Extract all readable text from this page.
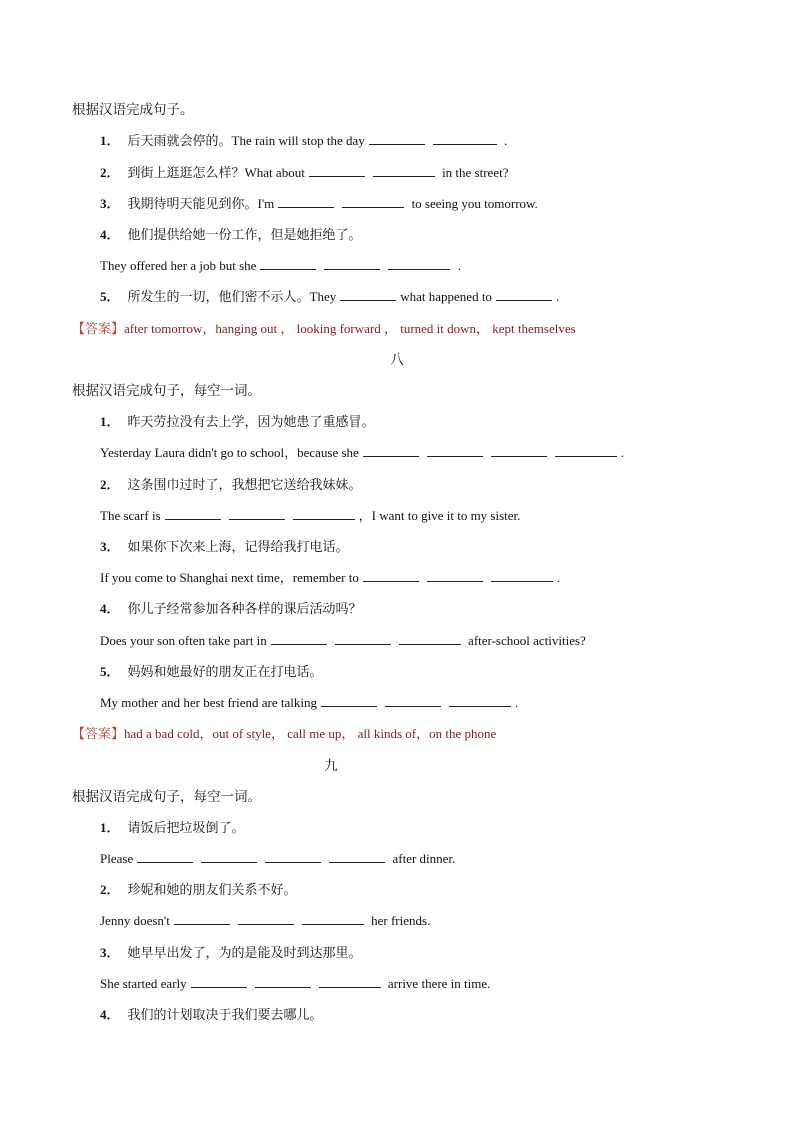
根据汉语完成句子。
1． 后天雨就会停的。The rain will stop the day	.
2． 到街上逛逛怎么样？What about	in the street?
3． 我期待明天能见到你。I'm	to seeing you tomorrow.
4． 他们提供给她一份工作，但是她拒绝了。
They offered her a job but she	.
5． 所发生的一切，他们密不示人。They	what happened to	.
【答案】after tomorrow，hanging out ， looking forward ， turned it down， kept themselves
八
根据汉语完成句子，每空一词。
1． 昨天劳拉没有去上学，因为她患了重感冒。
Yesterday Laura didn't go to school，because she	.
2． 这条围巾过时了，我想把它送给我妹妹。
The scarf is	，I want to give it to my sister.
3． 如果你下次来上海，记得给我打电话。
If you come to Shanghai next time，remember to	.
4． 你儿子经常参加各种各样的课后活动吗？
Does your son often take part in	after-school activities?
5． 妈妈和她最好的朋友正在打电话。
My mother and her best friend are talking	.
【答案】had a bad cold，out of style， call me up， all kinds of，on the phone
九
根据汉语完成句子，每空一词。
1． 请饭后把垃圾倒了。
Please	after dinner.
2． 珍妮和她的朋友们关系不好。
Jenny doesn't	her friends.
3． 她早早出发了，为的是能及时到达那里。
She started early	arrive there in time.
4． 我们的计划取决于我们要去哪儿。
